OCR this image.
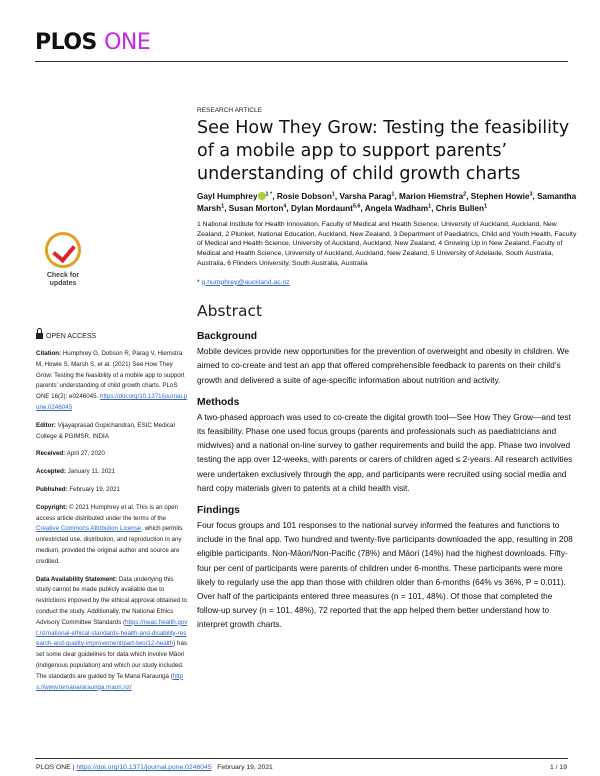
PLOS ONE
RESEARCH ARTICLE
See How They Grow: Testing the feasibility of a mobile app to support parents’ understanding of child growth charts
Gayl Humphrey $^{1 *}$, Rosie Dobson$^1$, Varsha Parag$^1$, Marion Hiemstra$^2$, Stephen Howie$^3$, Samantha Marsh$^1$, Susan Morton$^4$, Dylan Mordaunt$^{5,6}$, Angela Wadham$^1$, Chris Bullen$^1$
1 National Institute for Health Innovation, Faculty of Medical and Health Science, University of Auckland, Auckland, New Zealand, 2 Plunket, National Education, Auckland, New Zealand, 3 Department of Paediatrics, Child and Youth Health, Faculty of Medical and Health Science, University of Auckland, Auckland, New Zealand, 4 Growing Up in New Zealand, Faculty of Medical and Health Science, University of Auckland, Auckland, New Zealand, 5 University of Adelaide, South Australia, Australia, 6 Flinders University, South Australia, Australia
* g.humphrey@auckland.ac.nz
Abstract
Background
Mobile devices provide new opportunities for the prevention of overweight and obesity in children. We aimed to co-create and test an app that offered comprehensible feedback to parents on their child’s growth and delivered a suite of age-specific information about nutrition and activity.
Methods
A two-phased approach was used to co-create the digital growth tool—See How They Grow—and test its feasibility. Phase one used focus groups (parents and professionals such as paediatricians and midwives) and a national on-line survey to gather requirements and build the app. Phase two involved testing the app over 12-weeks, with parents or carers of children aged ≤ 2-years. All research activities were undertaken exclusively through the app, and participants were recruited using social media and hard copy materials given to patents at a child health visit.
Findings
Four focus groups and 101 responses to the national survey informed the features and functions to include in the final app. Two hundred and twenty-five participants downloaded the app, resulting in 208 eligible participants. Non-Māori/Non-Pacific (78%) and Māori (14%) had the highest downloads. Fifty-four per cent of participants were parents of children under 6-months. These participants were more likely to regularly use the app than those with children older than 6-months (64% vs 36%, P = 0.011). Over half of the participants entered three measures (n = 101, 48%). Of those that completed the follow-up survey (n = 101, 48%), 72 reported that the app helped them better understand how to interpret growth charts.
Check for
updates
OPEN ACCESS
Citation: Humphrey G, Dobson R, Parag V, Hiemstra M, Howie S, Marsh S, et al. (2021) See How They Grow: Testing the feasibility of a mobile app to support parents’ understanding of child growth charts. PLoS ONE 16(2): e0246045. https://doi.org/10.1371/journal.pone.0246045
Editor: Vijayaprasad Gopichandran, ESIC Medical College & PGIMSR, INDIA
Received: April 27, 2020
Accepted: January 11, 2021
Published: February 19, 2021
Copyright: © 2021 Humphrey et al. This is an open access article distributed under the terms of the Creative Commons Attribution License, which permits unrestricted use, distribution, and reproduction in any medium, provided the original author and source are credited.
Data Availability Statement: Data underlying this study cannot be made publicly available due to restrictions imposed by the ethical approval obtained to conduct the study. Additionally, the National Ethics Advisory Committee Standards (https://neac.health.govt.nz/national-ethical-standards-health-and-disability-research-and-quality-improvement/part-two/12-health) has set some clear guidelines for data which involve Māori (indigenous population) and which our study included. The standards are guided by Te Mana Raraunga (https://www.temanararaunga.maori.nz/
PLOS ONE | https://doi.org/10.1371/journal.pone.0246045 February 19, 2021	1 / 19
